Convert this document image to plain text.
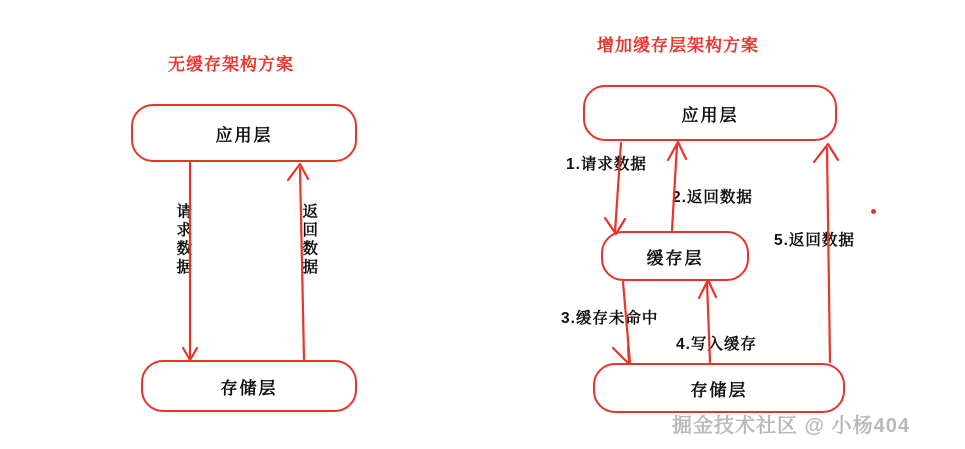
无缓存架构方案
应用层
存储层
请求数据	返回数据
增加缓存层架构方案
应用层
缓存层
存储层
1.请求数据
2.返回数据
3.缓存未命中
4.写入缓存
5.返回数据
掘金技术社区 @ 小杨404
